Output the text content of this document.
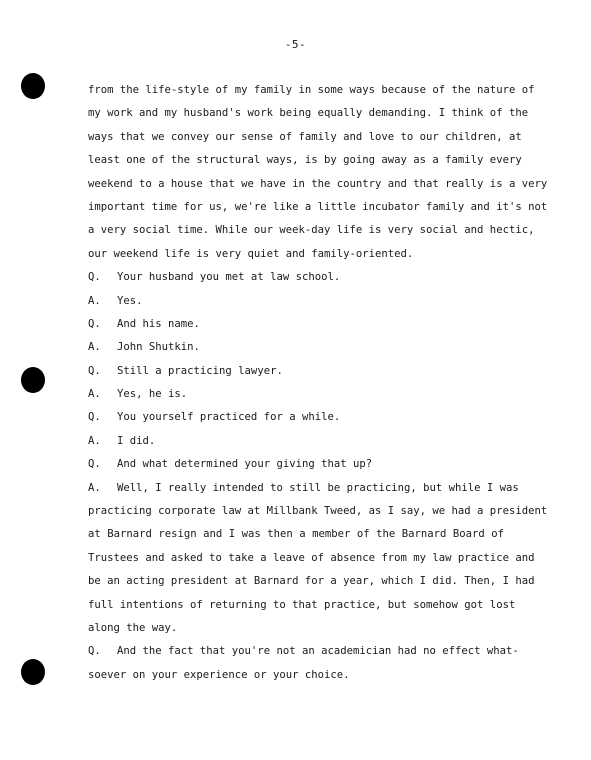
-5-
from the life-style of my family in some ways because of the nature of
my work and my husband's work being equally demanding. I think of the
ways that we convey our sense of family and love to our children, at
least one of the structural ways, is by going away as a family every
weekend to a house that we have in the country and that really is a very
important time for us, we're like a little incubator family and it's not
a very social time. While our week-day life is very social and hectic,
our weekend life is very quiet and family-oriented.
Q.	Your husband you met at law school.
A.	Yes.
Q.	And his name.
A.	John Shutkin.
Q.	Still a practicing lawyer.
A.	Yes, he is.
Q.	You yourself practiced for a while.
A.	I did.
Q.	And what determined your giving that up?
A.	Well, I really intended to still be practicing, but while I was
practicing corporate law at Millbank Tweed, as I say, we had a president
at Barnard resign and I was then a member of the Barnard Board of
Trustees and asked to take a leave of absence from my law practice and
be an acting president at Barnard for a year, which I did. Then, I had
full intentions of returning to that practice, but somehow got lost
along the way.
Q.	And the fact that you're not an academician had no effect what-
soever on your experience or your choice.
